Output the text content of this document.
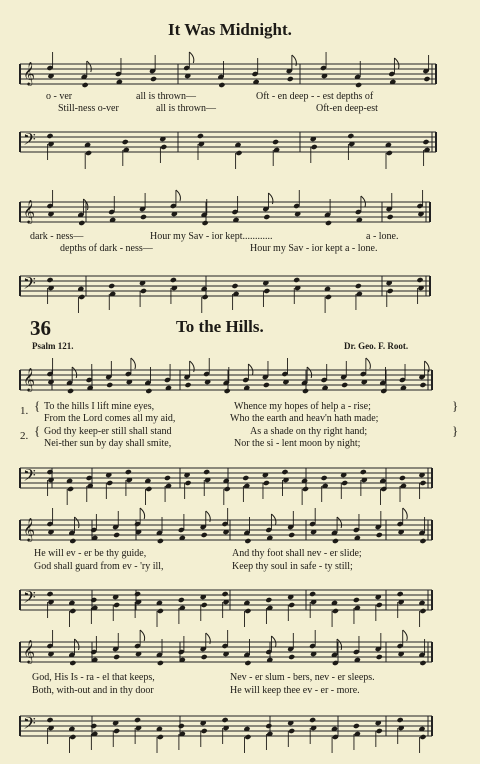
It Was Midnight.
𝄞
o - ver	all is thrown—	Oft - en deep - - est depths of
Still-ness o-ver	all is thrown—	Oft-en deep-est
𝄢
𝄞
dark - ness—	Hour my Sav - ior kept............	a - lone.
depths of dark - ness—	Hour my Sav - ior kept a - lone.
𝄢
36	To the Hills.
Psalm 121.	Dr. Geo. F. Root.
𝄞
1. {
2. {
To the hills I lift mine eyes,	Whence my hopes of help a - rise;
From the Lord comes all my aid,	Who the earth and heav'n hath made;
God thy keep-er still shall stand	As a shade on thy right hand;
Nei-ther sun by day shall smite,	Nor the si - lent moon by night;
}
}
𝄢
𝄞
He will ev - er be thy guide,	And thy foot shall nev - er slide;
God shall guard from ev - 'ry ill,	Keep thy soul in safe - ty still;
𝄢
𝄞
God, His Is - ra - el that keeps,	Nev - er slum - bers, nev - er sleeps.
Both, with-out and in thy door	He will keep thee ev - er - more.
𝄢
